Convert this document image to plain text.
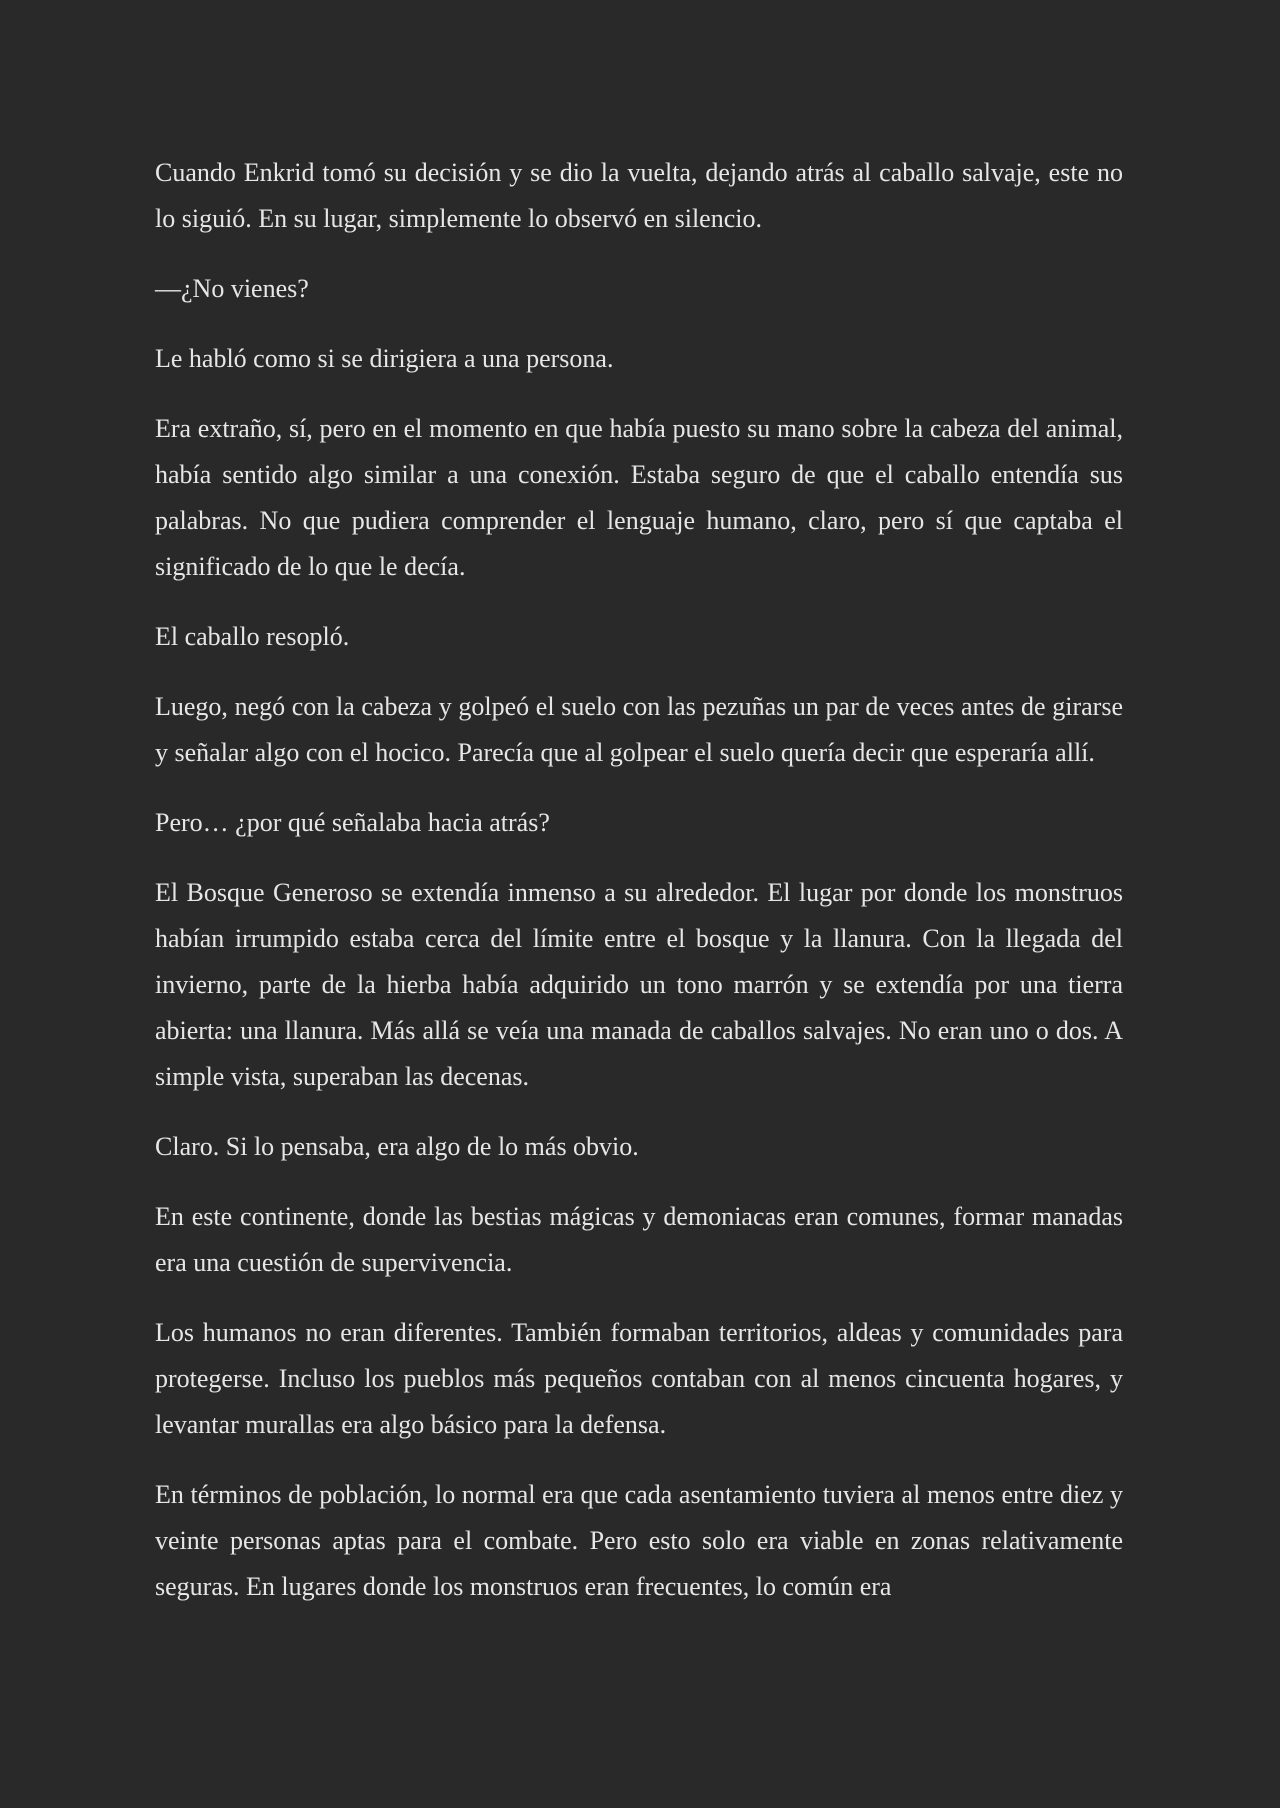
Cuando Enkrid tomó su decisión y se dio la vuelta, dejando atrás al caballo salvaje, este no lo siguió. En su lugar, simplemente lo observó en silencio.

—¿No vienes?

Le habló como si se dirigiera a una persona.

Era extraño, sí, pero en el momento en que había puesto su mano sobre la cabeza del animal, había sentido algo similar a una conexión. Estaba seguro de que el caballo entendía sus palabras. No que pudiera comprender el lenguaje humano, claro, pero sí que captaba el significado de lo que le decía.

El caballo resopló.

Luego, negó con la cabeza y golpeó el suelo con las pezuñas un par de veces antes de girarse y señalar algo con el hocico. Parecía que al golpear el suelo quería decir que esperaría allí.

Pero… ¿por qué señalaba hacia atrás?

El Bosque Generoso se extendía inmenso a su alrededor. El lugar por donde los monstruos habían irrumpido estaba cerca del límite entre el bosque y la llanura. Con la llegada del invierno, parte de la hierba había adquirido un tono marrón y se extendía por una tierra abierta: una llanura. Más allá se veía una manada de caballos salvajes. No eran uno o dos. A simple vista, superaban las decenas.

Claro. Si lo pensaba, era algo de lo más obvio.

En este continente, donde las bestias mágicas y demoniacas eran comunes, formar manadas era una cuestión de supervivencia.

Los humanos no eran diferentes. También formaban territorios, aldeas y comunidades para protegerse. Incluso los pueblos más pequeños contaban con al menos cincuenta hogares, y levantar murallas era algo básico para la defensa.

En términos de población, lo normal era que cada asentamiento tuviera al menos entre diez y veinte personas aptas para el combate. Pero esto solo era viable en zonas relativamente seguras. En lugares donde los monstruos eran frecuentes, lo común era
